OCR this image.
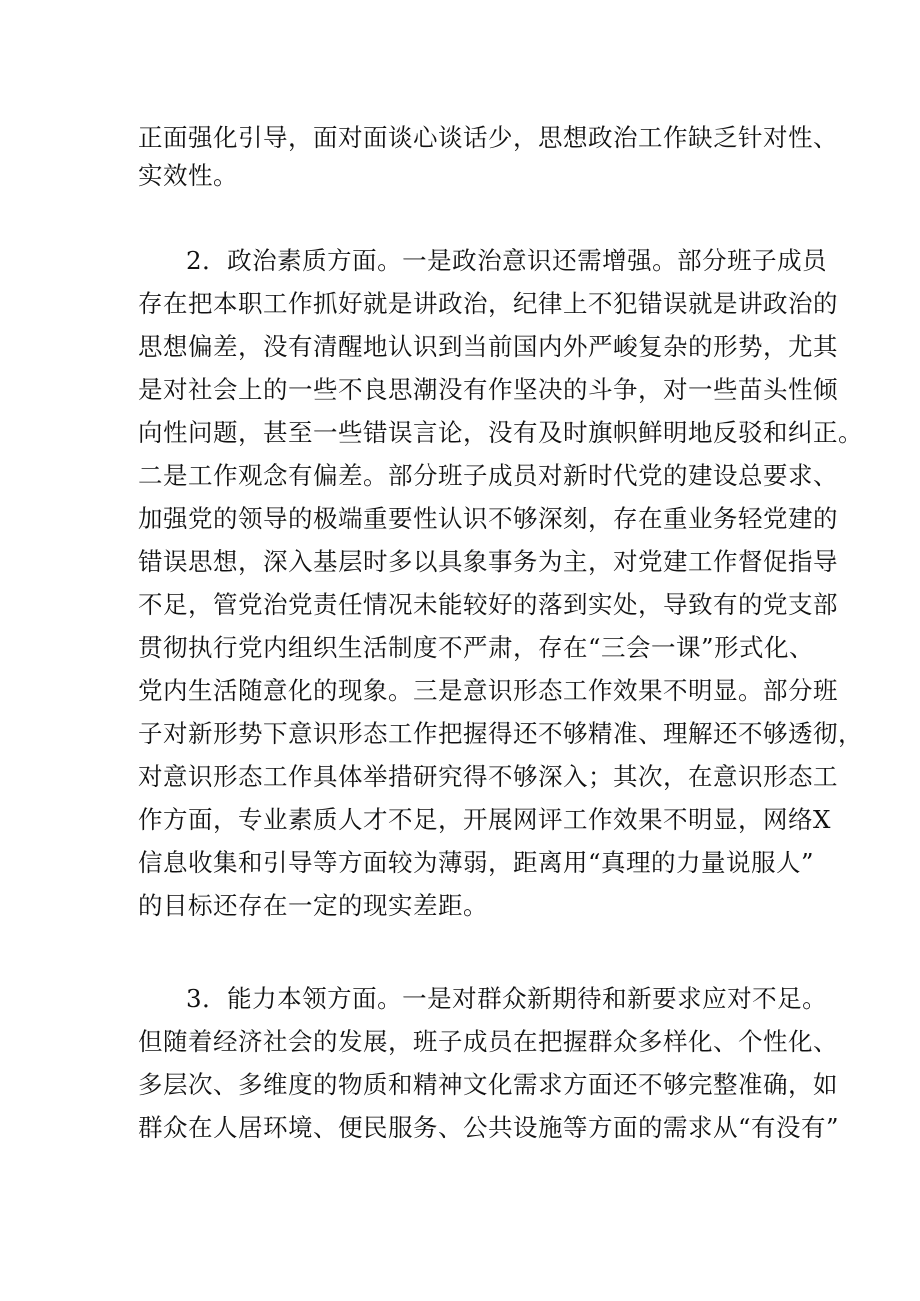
正面强化引导，面对面谈心谈话少，思想政治工作缺乏针对性、
实效性。
2．政治素质方面。一是政治意识还需增强。部分班子成员
存在把本职工作抓好就是讲政治，纪律上不犯错误就是讲政治的
思想偏差，没有清醒地认识到当前国内外严峻复杂的形势，尤其
是对社会上的一些不良思潮没有作坚决的斗争，对一些苗头性倾
向性问题，甚至一些错误言论，没有及时旗帜鲜明地反驳和纠正。
二是工作观念有偏差。部分班子成员对新时代党的建设总要求、
加强党的领导的极端重要性认识不够深刻，存在重业务轻党建的
错误思想，深入基层时多以具象事务为主，对党建工作督促指导
不足，管党治党责任情况未能较好的落到实处，导致有的党支部
贯彻执行党内组织生活制度不严肃，存在“三会一课”形式化、
党内生活随意化的现象。三是意识形态工作效果不明显。部分班
子对新形势下意识形态工作把握得还不够精准、理解还不够透彻，
对意识形态工作具体举措研究得不够深入；其次，在意识形态工
作方面，专业素质人才不足，开展网评工作效果不明显，网络X
信息收集和引导等方面较为薄弱，距离用“真理的力量说服人”
的目标还存在一定的现实差距。
3．能力本领方面。一是对群众新期待和新要求应对不足。
但随着经济社会的发展，班子成员在把握群众多样化、个性化、
多层次、多维度的物质和精神文化需求方面还不够完整准确，如
群众在人居环境、便民服务、公共设施等方面的需求从“有没有”
